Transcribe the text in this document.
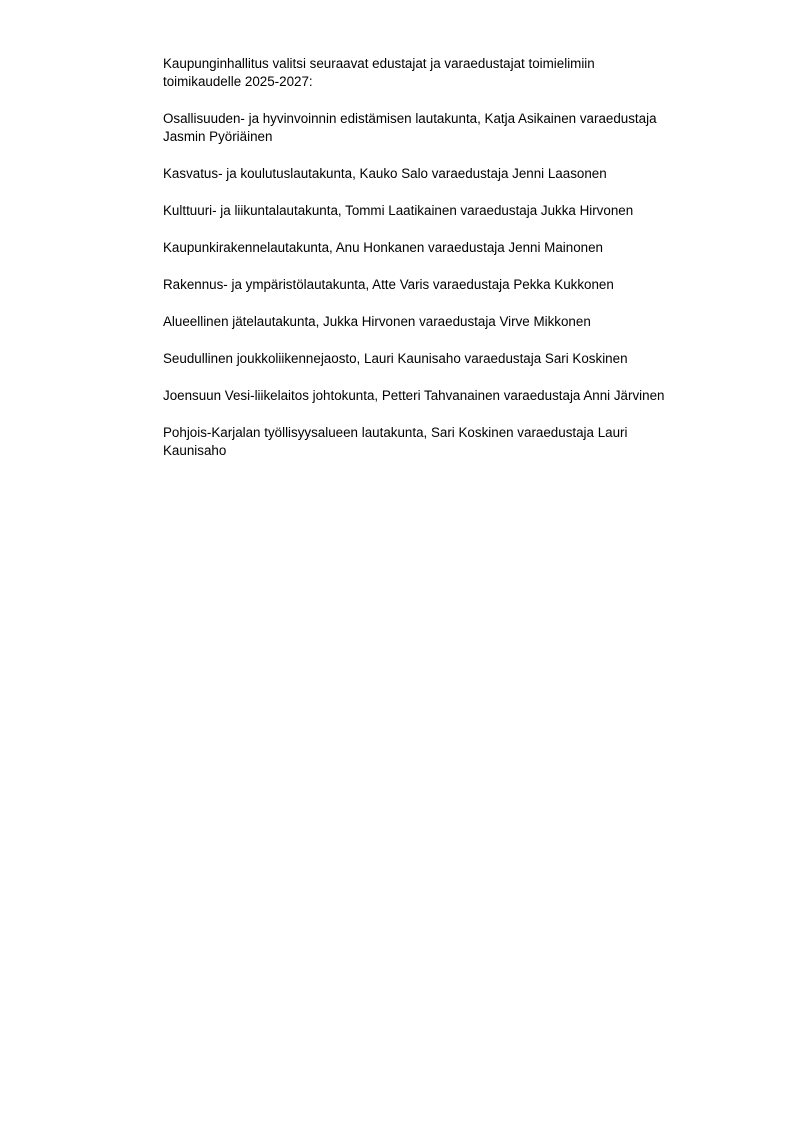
Kaupunginhallitus valitsi seuraavat edustajat ja varaedustajat toimielimiin toimikaudelle 2025-2027:

Osallisuuden- ja hyvinvoinnin edistämisen lautakunta, Katja Asikainen varaedustaja Jasmin Pyöriäinen

Kasvatus- ja koulutuslautakunta, Kauko Salo varaedustaja Jenni Laasonen

Kulttuuri- ja liikuntalautakunta, Tommi Laatikainen varaedustaja Jukka Hirvonen

Kaupunkirakennelautakunta, Anu Honkanen varaedustaja Jenni Mainonen

Rakennus- ja ympäristölautakunta, Atte Varis varaedustaja Pekka Kukkonen

Alueellinen jätelautakunta, Jukka Hirvonen varaedustaja Virve Mikkonen

Seudullinen joukkoliikennejaosto, Lauri Kaunisaho varaedustaja Sari Koskinen

Joensuun Vesi-liikelaitos johtokunta, Petteri Tahvanainen varaedustaja Anni Järvinen

Pohjois-Karjalan työllisyysalueen lautakunta, Sari Koskinen varaedustaja Lauri Kaunisaho
